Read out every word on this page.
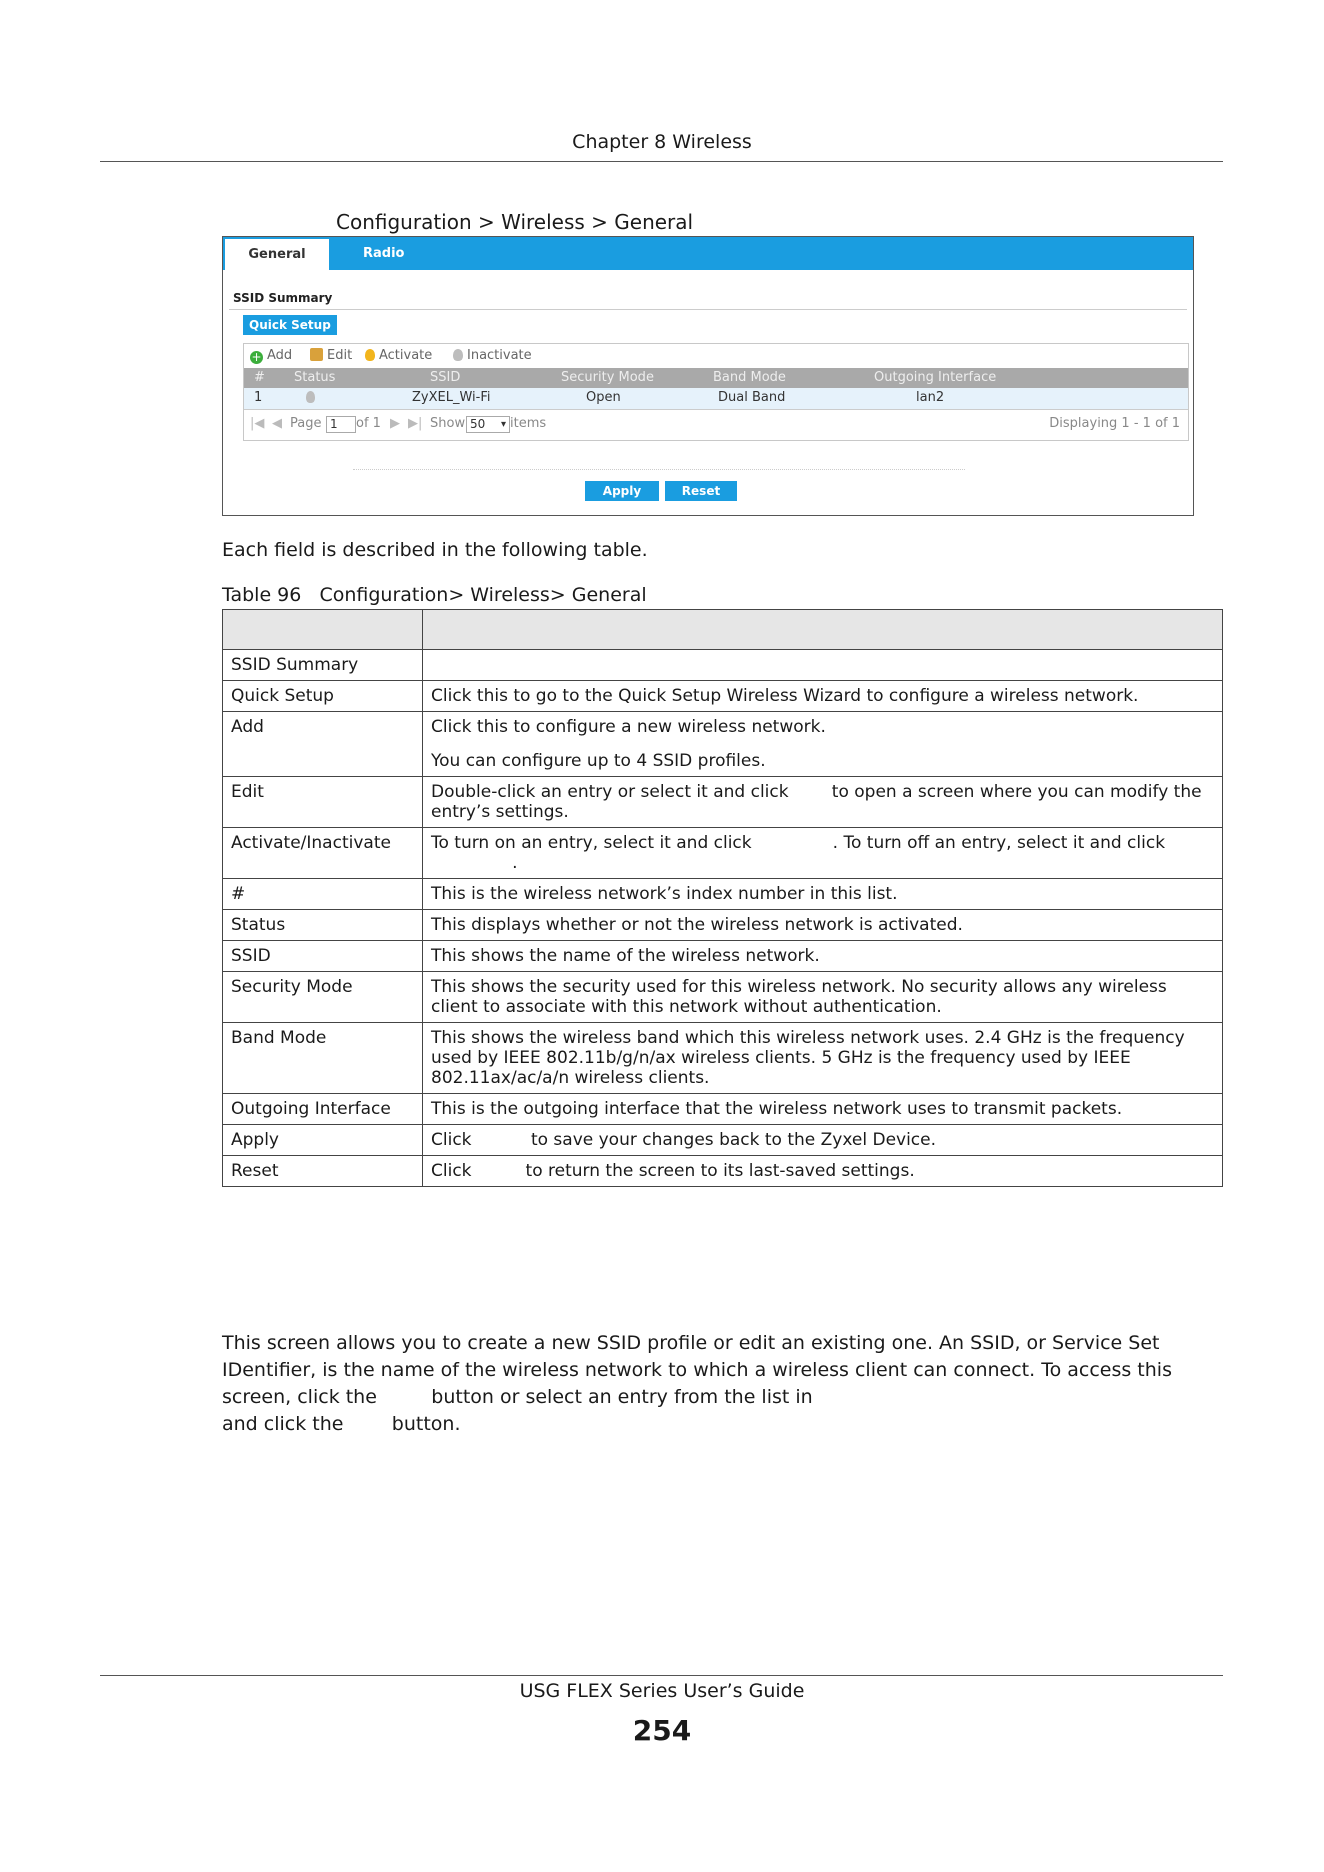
Chapter 8 Wireless
Configuration > Wireless > General
General	Radio
SSID Summary
Quick Setup
+ Add	Edit	Activate	Inactivate
# Status	SSID	Security Mode	Band Mode	Outgoing Interface
1	ZyXEL_Wi-Fi	Open	Dual Band	lan2
|◀ ◀ Page 1	of 1 ▶ ▶| Show 50 ▾ items	Displaying 1 - 1 of 1
Apply	Reset
Each field is described in the following table.
Table 96   Configuration> Wireless> General

SSID Summary	

Quick Setup	Click this to go to the Quick Setup Wireless Wizard to configure a wireless network.

Add	Click this to configure a new wireless network.

You can configure up to 4 SSID profiles.

Edit	Double-click an entry or select it and click        to open a screen where you can modify the entry’s settings.

Activate/Inactivate	To turn on an entry, select it and click               . To turn off an entry, select it and click

.

#	This is the wireless network’s index number in this list.

Status	This displays whether or not the wireless network is activated.

SSID	This shows the name of the wireless network.

Security Mode	This shows the security used for this wireless network. No security allows any wireless client to associate with this network without authentication.

Band Mode	This shows the wireless band which this wireless network uses. 2.4 GHz is the frequency used by IEEE 802.11b/g/n/ax wireless clients. 5 GHz is the frequency used by IEEE 802.11ax/ac/a/n wireless clients.

Outgoing Interface	This is the outgoing interface that the wireless network uses to transmit packets.

Apply	Click           to save your changes back to the Zyxel Device.

Reset	Click          to return the screen to its last-saved settings.

This screen allows you to create a new SSID profile or edit an existing one. An SSID, or Service Set
IDentifier, is the name of the wireless network to which a wireless client can connect. To access this
screen, click the         button or select an entry from the list in
and click the        button.
USG FLEX Series User’s Guide
254
